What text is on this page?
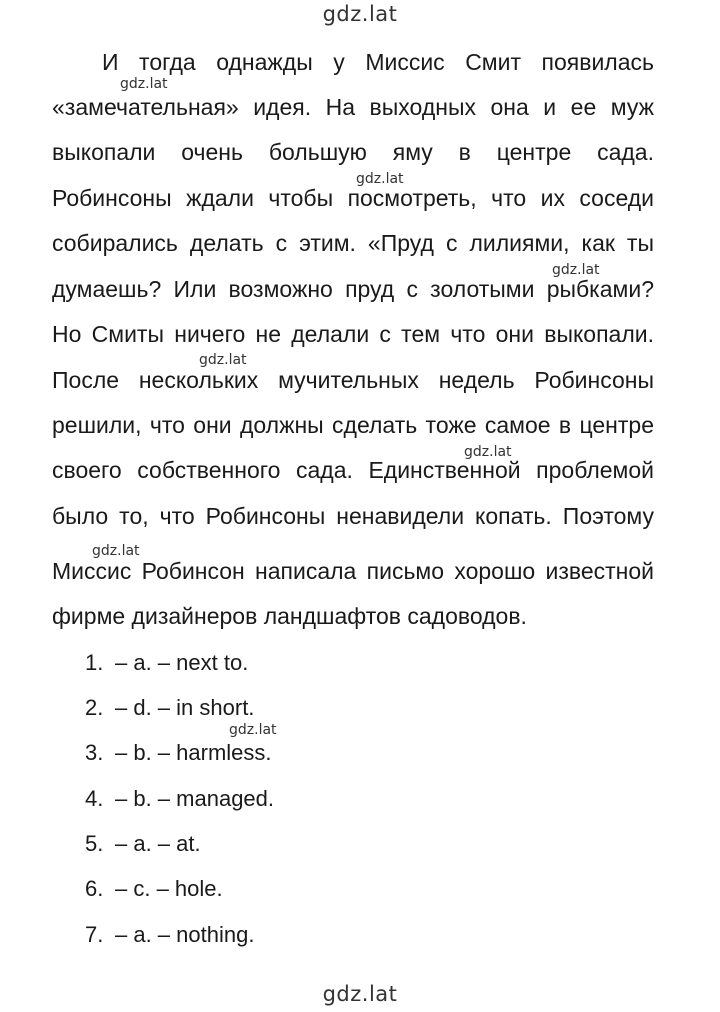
gdz.lat
И тогда однажды у Миссис Смит появилась
«замечательная» идея. На выходных она и ее муж
выкопали очень большую яму в центре сада.
Робинсоны ждали чтобы посмотреть, что их соседи
собирались делать с этим. «Пруд с лилиями, как ты
думаешь? Или возможно пруд с золотыми рыбками?
Но Смиты ничего не делали с тем что они выкопали.
После нескольких мучительных недель Робинсоны
решили, что они должны сделать тоже самое в центре
своего собственного сада. Единственной проблемой
было то, что Робинсоны ненавидели копать. Поэтому
Миссис Робинсон написала письмо хорошо известной
фирме дизайнеров ландшафтов садоводов.
gdz.lat
gdz.lat
gdz.lat
gdz.lat
gdz.lat
gdz.lat
gdz.lat
1. – a. – next to.
2. – d. – in short.
3. – b. – harmless.
4. – b. – managed.
5. – a. – at.
6. – c. – hole.
7. – a. – nothing.
gdz.lat
